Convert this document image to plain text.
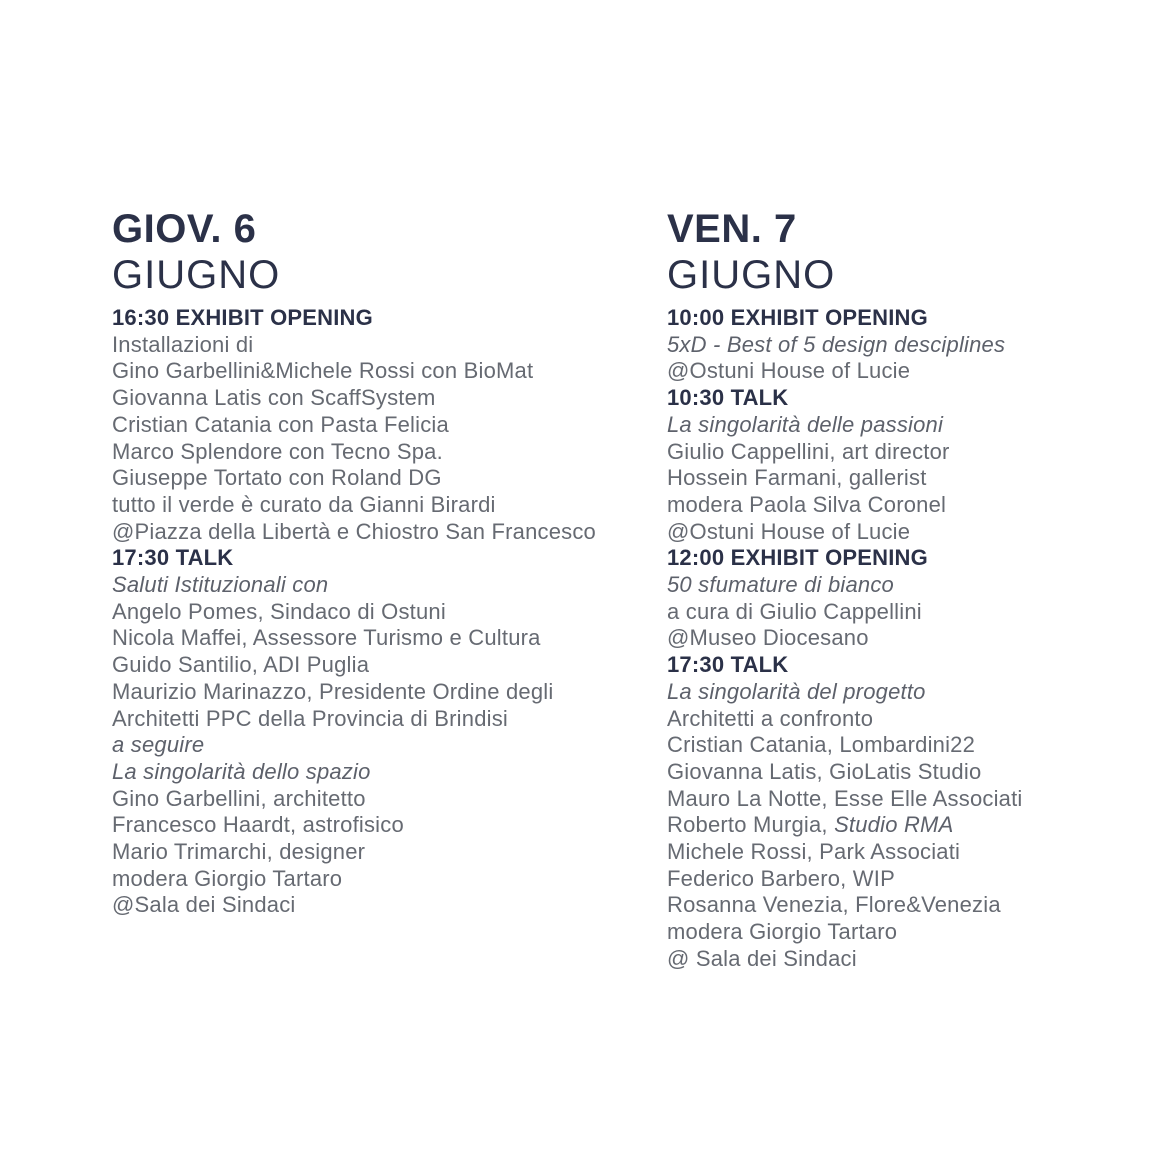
GIOV. 6
GIUGNO
16:30 EXHIBIT OPENING
Installazioni di
Gino Garbellini&Michele Rossi con BioMat
Giovanna Latis con ScaffSystem
Cristian Catania con Pasta Felicia
Marco Splendore con Tecno Spa.
Giuseppe Tortato con Roland DG
tutto il verde è curato da Gianni Birardi
@Piazza della Libertà e Chiostro San Francesco
17:30 TALK
Saluti Istituzionali con
Angelo Pomes, Sindaco di Ostuni
Nicola Maffei, Assessore Turismo e Cultura
Guido Santilio, ADI Puglia
Maurizio Marinazzo, Presidente Ordine degli
Architetti PPC della Provincia di Brindisi
a seguire
La singolarità dello spazio
Gino Garbellini, architetto
Francesco Haardt, astrofisico
Mario Trimarchi, designer
modera Giorgio Tartaro
@Sala dei Sindaci
VEN. 7
GIUGNO
10:00 EXHIBIT OPENING
5xD - Best of 5 design desciplines
@Ostuni House of Lucie
10:30 TALK
La singolarità delle passioni
Giulio Cappellini, art director
Hossein Farmani, gallerist
modera Paola Silva Coronel
@Ostuni House of Lucie
12:00 EXHIBIT OPENING
50 sfumature di bianco
a cura di Giulio Cappellini
@Museo Diocesano
17:30 TALK
La singolarità del progetto
Architetti a confronto
Cristian Catania, Lombardini22
Giovanna Latis, GioLatis Studio
Mauro La Notte, Esse Elle Associati
Roberto Murgia, Studio RMA
Michele Rossi, Park Associati
Federico Barbero, WIP
Rosanna Venezia, Flore&Venezia
modera Giorgio Tartaro
@ Sala dei Sindaci
